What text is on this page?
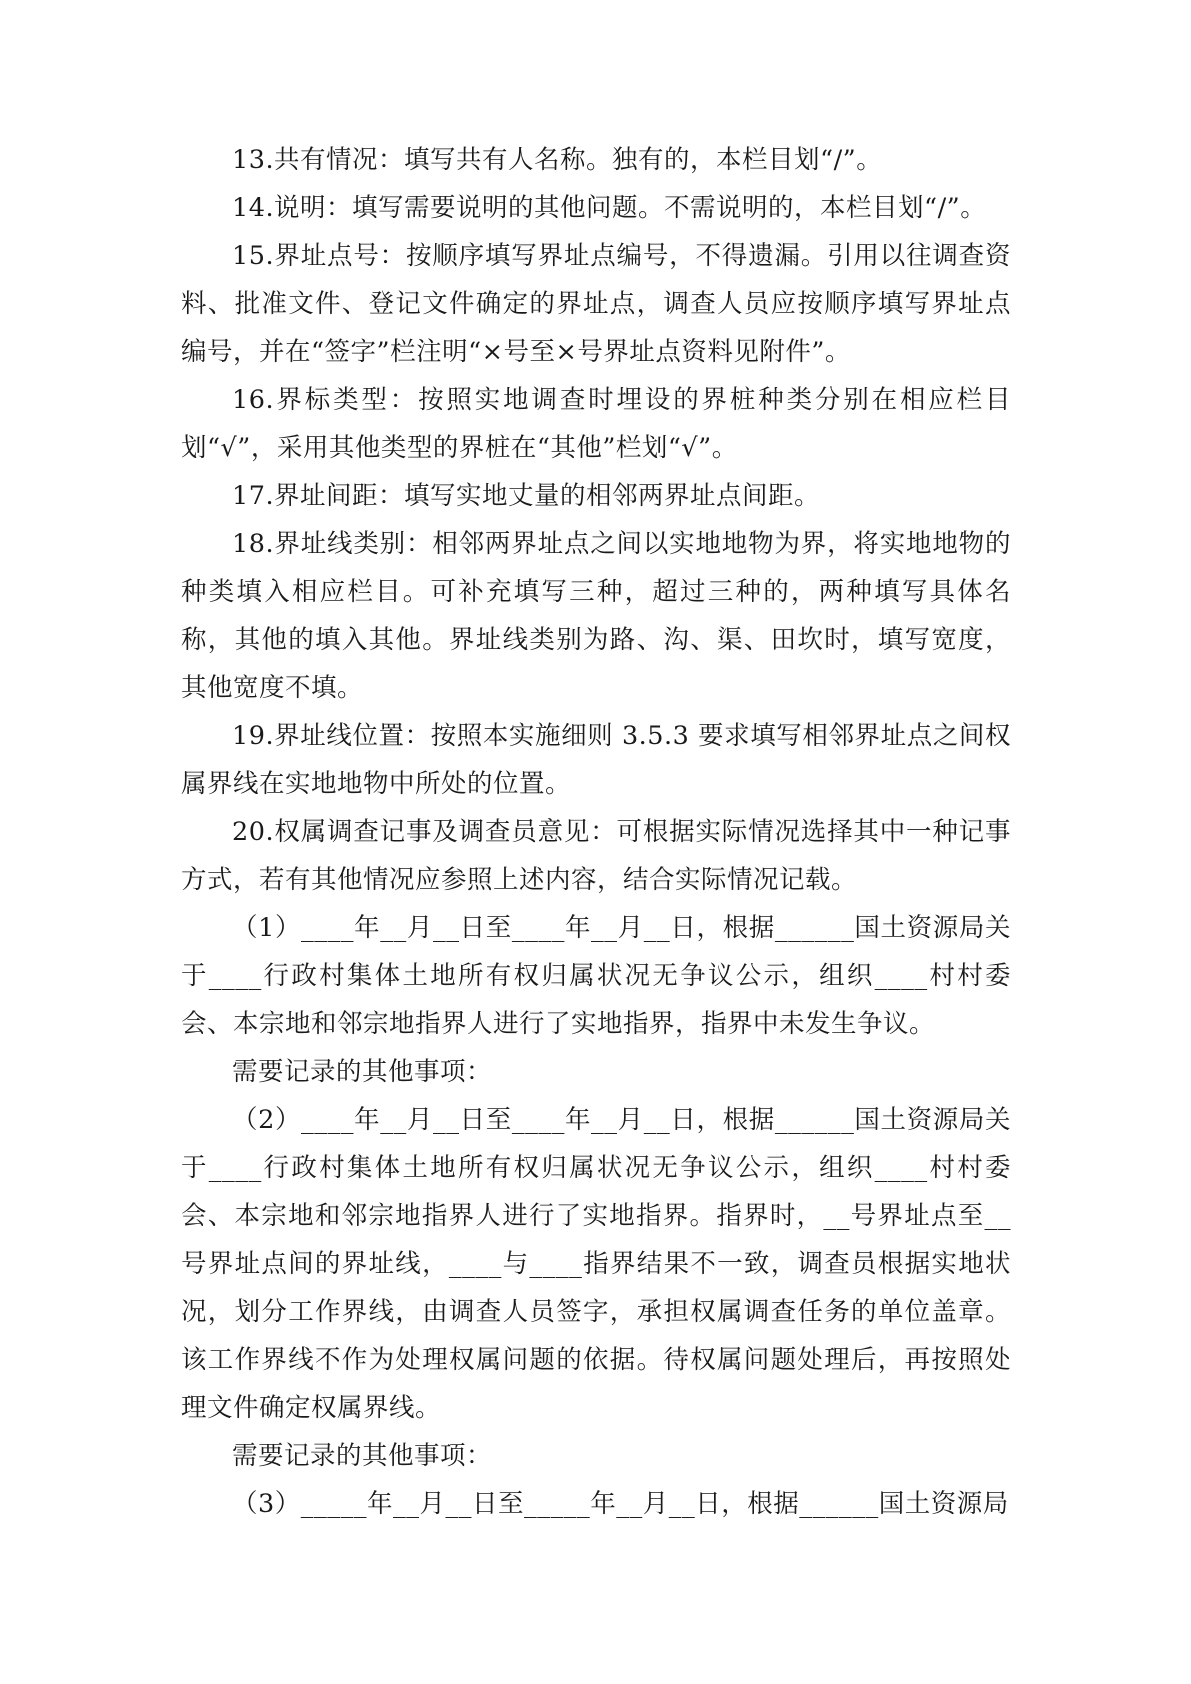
13.共有情况：填写共有人名称。独有的，本栏目划“/”。

14.说明：填写需要说明的其他问题。不需说明的，本栏目划“/”。

15.界址点号：按顺序填写界址点编号，不得遗漏。引用以往调查资料、批准文件、登记文件确定的界址点，调查人员应按顺序填写界址点编号，并在“签字”栏注明“×号至×号界址点资料见附件”。

16.界标类型：按照实地调查时埋设的界桩种类分别在相应栏目划“√”，采用其他类型的界桩在“其他”栏划“√”。

17.界址间距：填写实地丈量的相邻两界址点间距。

18.界址线类别：相邻两界址点之间以实地地物为界，将实地地物的种类填入相应栏目。可补充填写三种，超过三种的，两种填写具体名称，其他的填入其他。界址线类别为路、沟、渠、田坎时，填写宽度，其他宽度不填。

19.界址线位置：按照本实施细则 3.5.3 要求填写相邻界址点之间权属界线在实地地物中所处的位置。

20.权属调查记事及调查员意见：可根据实际情况选择其中一种记事方式，若有其他情况应参照上述内容，结合实际情况记载。

（1）____年__月__日至____年__月__日，根据______国土资源局关于____行政村集体土地所有权归属状况无争议公示，组织____村村委会、本宗地和邻宗地指界人进行了实地指界，指界中未发生争议。

需要记录的其他事项：

（2）____年__月__日至____年__月__日，根据______国土资源局关于____行政村集体土地所有权归属状况无争议公示，组织____村村委会、本宗地和邻宗地指界人进行了实地指界。指界时，__号界址点至__号界址点间的界址线，____与____指界结果不一致，调查员根据实地状况，划分工作界线，由调查人员签字，承担权属调查任务的单位盖章。该工作界线不作为处理权属问题的依据。待权属问题处理后，再按照处理文件确定权属界线。

需要记录的其他事项：

（3）_____年__月__日至_____年__月__日，根据______国土资源局
